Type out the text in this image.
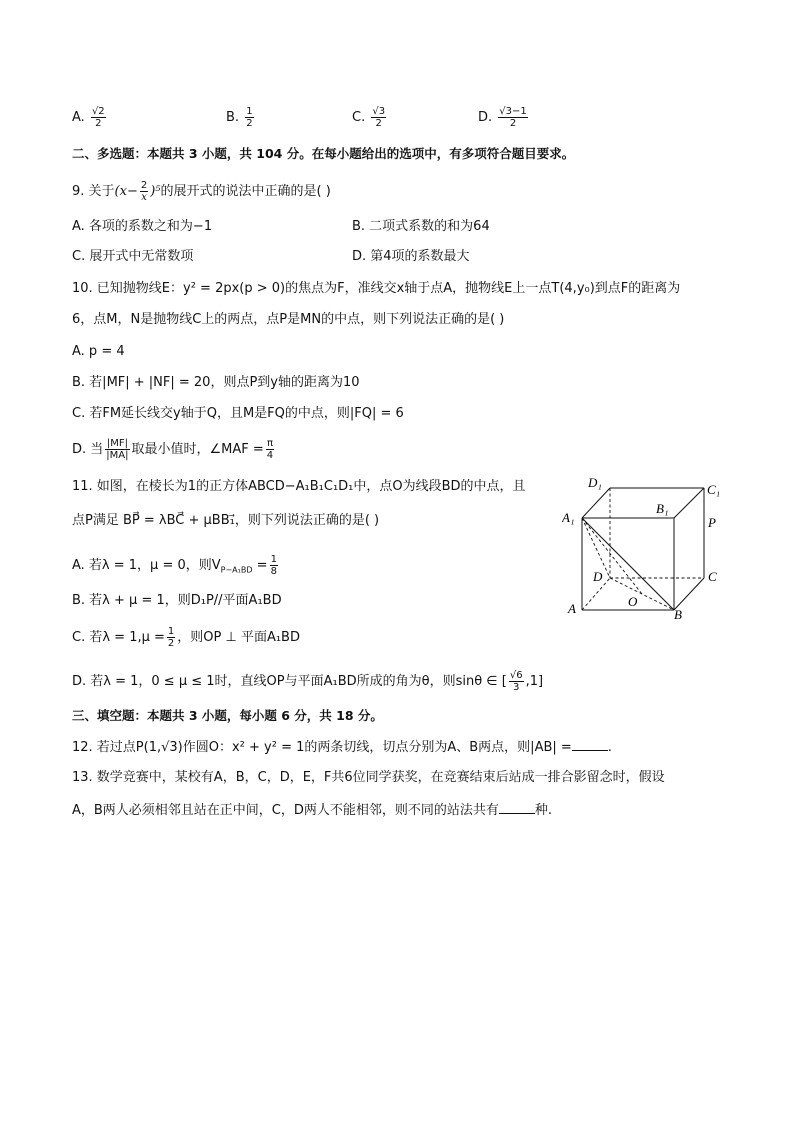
A. $\frac{√2}{2}$	B. $\frac{1}{2}$	C. $\frac{√3}{2}$	D. $\frac{√3-1}{2}$
二、多选题：本题共 3 小题，共 104 分。在每小题给出的选项中，有多项符合题目要求。
9. 关于$(x- \frac{2}{x} )^5$的展开式的说法中正确的是( )
A. 各项的系数之和为−1	B. 二项式系数的和为64
C. 展开式中无常数项	D. 第4项的系数最大
10. 已知抛物线E：y² = 2px(p > 0)的焦点为F，准线交x轴于点A，抛物线E上一点T(4,y₀)到点F的距离为
6，点M，N是抛物线C上的两点，点P是MN的中点，则下列说法正确的是( )
A. p = 4
B. 若|MF| + |NF| = 20，则点P到y轴的距离为10
C. 若FM延长线交y轴于Q，且M是FQ的中点，则|FQ| = 6
D. 当 $\frac{|MF|}{|MA|}$ 取最小值时，∠MAF = $\frac{\pi}{4}$
11. 如图，在棱长为1的正方体ABCD−A₁B₁C₁D₁中，点O为线段BD的中点，且
点P满足 BP⃗ = λBC⃗ + μBB₁⃗，则下列说法正确的是( )
A. 若λ = 1，μ = 0，则$V_{P-A_1BD} = \frac{1}{8}$
B. 若λ + μ = 1，则D₁P//平面A₁BD
C. 若$\lambda = 1,\mu = \frac{1}{2}$ ，则OP ⊥ 平面A₁BD
D. 若λ = 1，0 ≤ μ ≤ 1时，直线OP与平面A₁BD所成的角为θ，则sinθ ∈ [ $\frac{√6}{3} ,1$]
D₁	C₁
A₁
B₁
P
D	C
A	O
B
三、填空题：本题共 3 小题，每小题 6 分，共 18 分。
12. 若过点P(1,√3)作圆O：x² + y² = 1的两条切线，切点分别为A、B两点，则|AB| =	.
13. 数学竞赛中，某校有A，B，C，D，E，F共6位同学获奖，在竞赛结束后站成一排合影留念时，假设
A，B两人必须相邻且站在正中间，C，D两人不能相邻，则不同的站法共有	种.
